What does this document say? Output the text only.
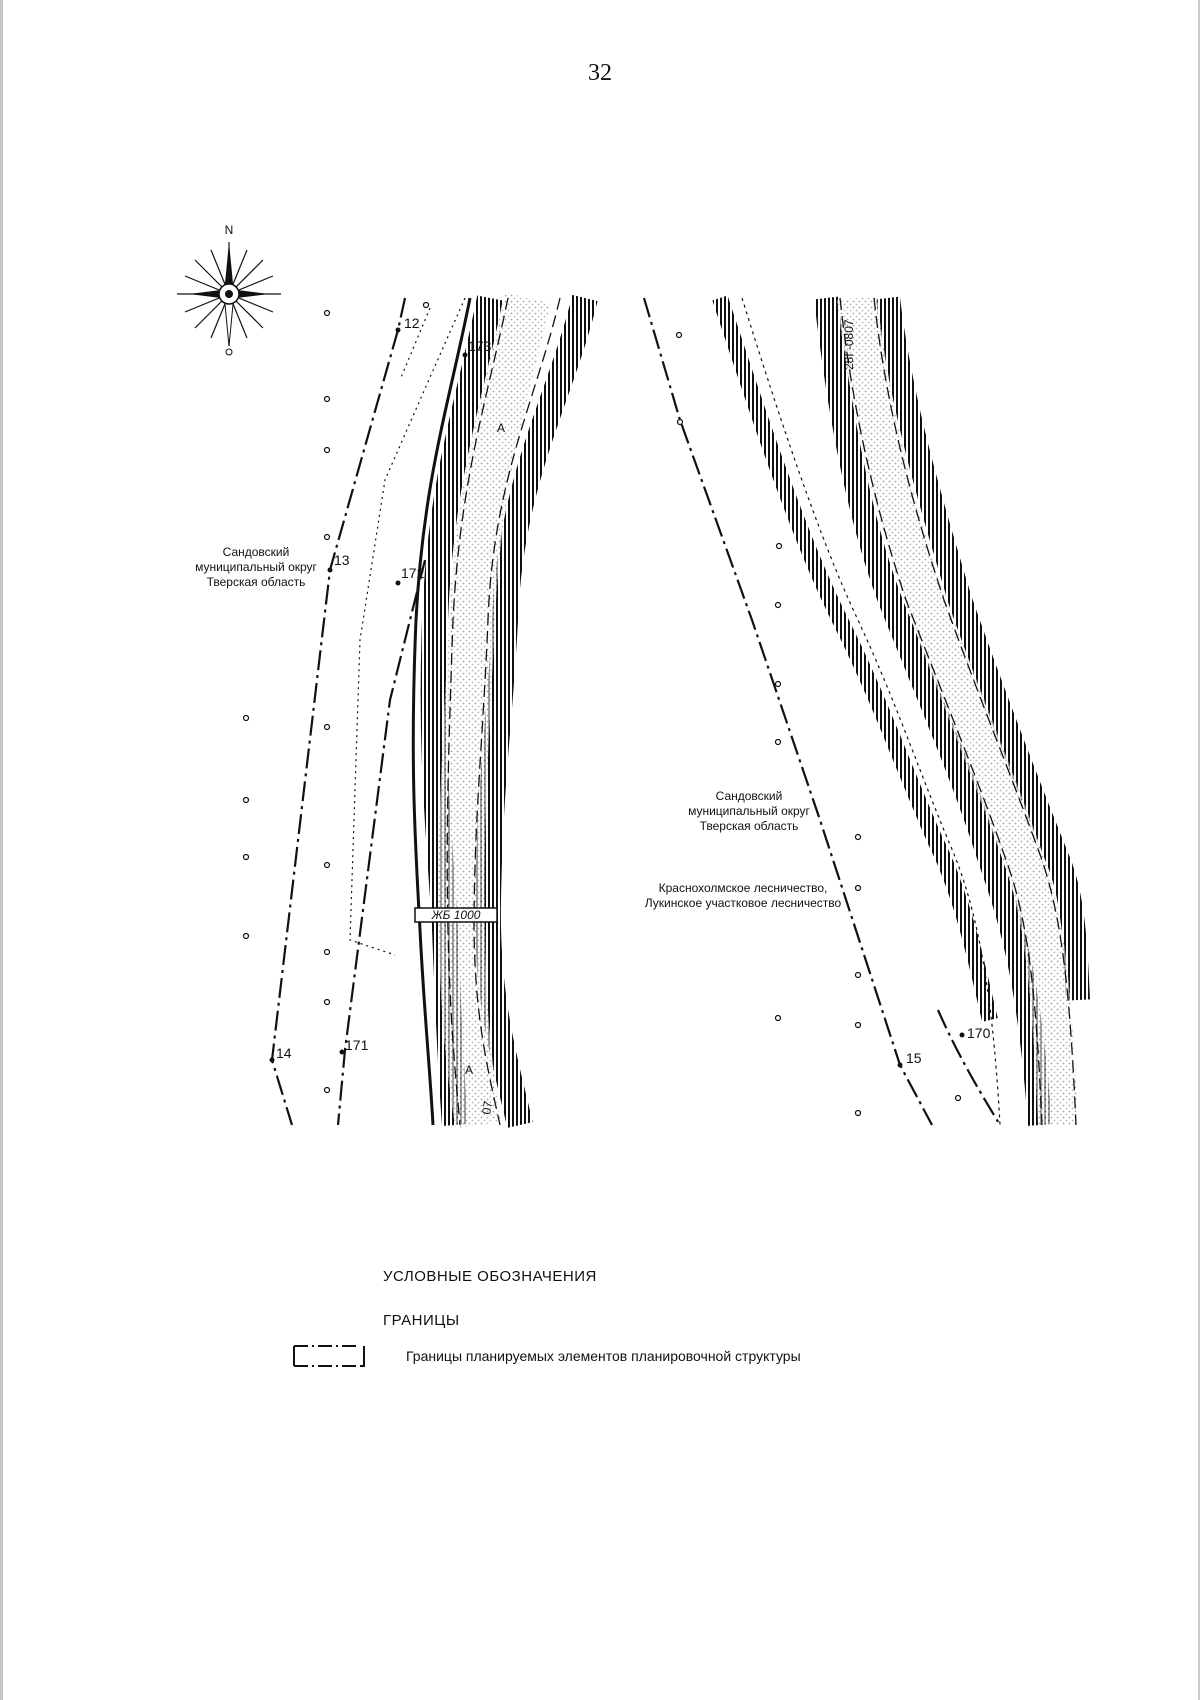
32
N
ЖБ 1000
А
А
07
28Г-0807
12
13
14	15
173
172
171
170
Сандовский
муниципальный округ
Тверская область
Сандовский
муниципальный округ
Тверская область
Краснохолмское лесничество,
Лукинское участковое лесничество
УСЛОВНЫЕ ОБОЗНАЧЕНИЯ
ГРАНИЦЫ
Границы планируемых элементов планировочной структуры
